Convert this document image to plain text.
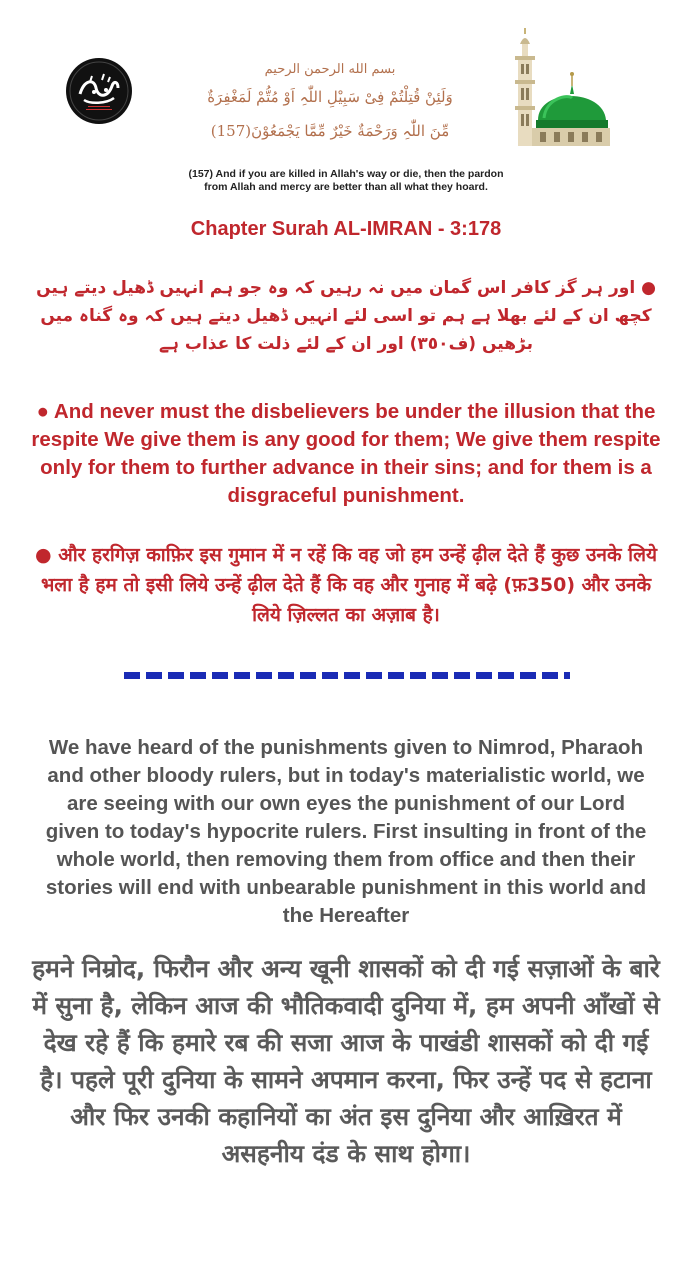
بسم الله الرحمن الرحيم
وَلَئِنْ قُتِلْتُمْ فِیْ سَبِیْلِ اللّٰہِ اَوْ مُتُّمْ لَمَغْفِرَةٌ
مِّنَ اللّٰہِ وَرَحْمَةٌ خَیْرٌ مِّمَّا یَجْمَعُوْنَ(157)
(157) And if you are killed in Allah's way or die, then the pardon
from Allah and mercy are better than all what they hoard.
Chapter Surah AL-IMRAN - 3:178
● اور ہر گز کافر اس گمان میں نہ رہیں کہ وہ جو ہم انہیں ڈھیل دیتے ہیں کچھ ان کے لئے بھلا ہے ہم تو اسی لئے انہیں ڈھیل دیتے ہیں کہ وہ گناہ میں بڑھیں (ف٣٥٠) اور ان کے لئے ذلت کا عذاب ہے
● And never must the disbelievers be under the illusion that the respite We give them is any good for them; We give them respite only for them to further advance in their sins; and for them is a disgraceful punishment.
● और हरगिज़ काफ़िर इस गुमान में न रहें कि वह जो हम उन्हें ढ़ील देते हैं कुछ उनके लिये भला है हम तो इसी लिये उन्हें ढ़ील देते हैं कि वह और गुनाह में बढ़े (फ़350) और उनके लिये ज़िल्लत का अज़ाब है।
We have heard of the punishments given to Nimrod, Pharaoh and other bloody rulers, but in today's materialistic world, we are seeing with our own eyes the punishment of our Lord given to today's hypocrite rulers. First insulting in front of the whole world, then removing them from office and then their stories will end with unbearable punishment in this world and the Hereafter
हमने निम्रोद, फिरौन और अन्य खूनी शासकों को दी गई सज़ाओं के बारे में सुना है, लेकिन आज की भौतिकवादी दुनिया में, हम अपनी आँखों से देख रहे हैं कि हमारे रब की सजा आज के पाखंडी शासकों को दी गई है। पहले पूरी दुनिया के सामने अपमान करना, फिर उन्हें पद से हटाना और फिर उनकी कहानियों का अंत इस दुनिया और आख़िरत में असहनीय दंड के साथ होगा।
